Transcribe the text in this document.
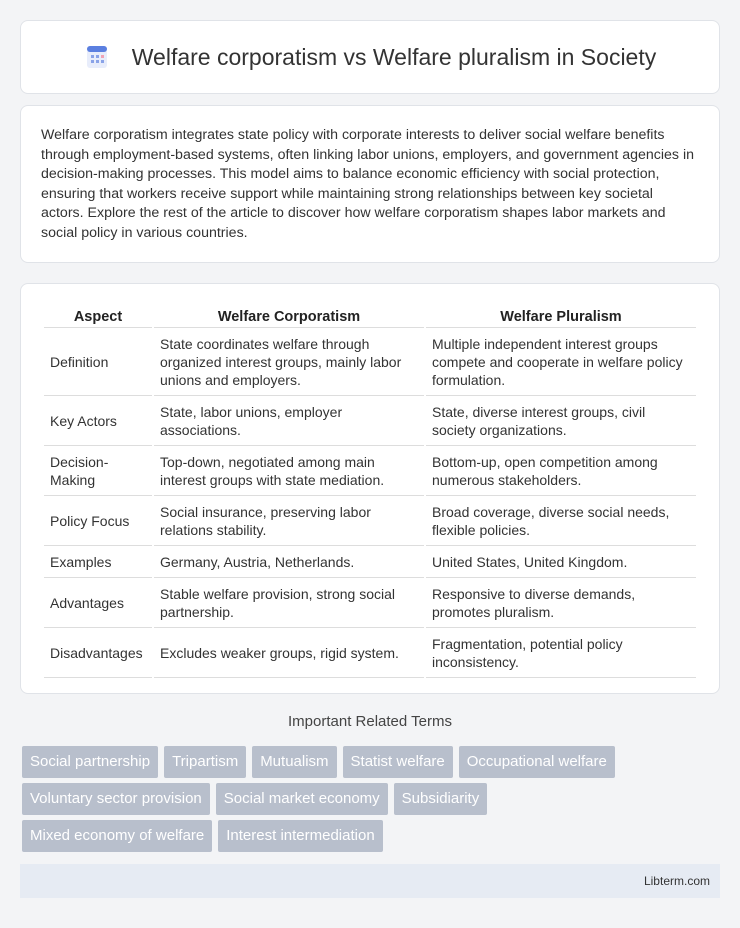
Welfare corporatism vs Welfare pluralism in Society

Welfare corporatism integrates state policy with corporate interests to deliver social welfare benefits through employment-based systems, often linking labor unions, employers, and government agencies in decision-making processes. This model aims to balance economic efficiency with social protection, ensuring that workers receive support while maintaining strong relationships between key societal actors. Explore the rest of the article to discover how welfare corporatism shapes labor markets and social policy in various countries.

Aspect	Welfare Corporatism	Welfare Pluralism
Definition	State coordinates welfare through organized interest groups, mainly labor unions and employers.	Multiple independent interest groups compete and cooperate in welfare policy formulation.
Key Actors	State, labor unions, employer associations.	State, diverse interest groups, civil society organizations.
Decision-Making	Top-down, negotiated among main interest groups with state mediation.	Bottom-up, open competition among numerous stakeholders.
Policy Focus	Social insurance, preserving labor relations stability.	Broad coverage, diverse social needs, flexible policies.
Examples	Germany, Austria, Netherlands.	United States, United Kingdom.
Advantages	Stable welfare provision, strong social partnership.	Responsive to diverse demands, promotes pluralism.
Disadvantages	Excludes weaker groups, rigid system.	Fragmentation, potential policy inconsistency.
Important Related Terms
Social partnership	Tripartism	Mutualism	Statist welfare	Occupational welfare
Voluntary sector provision	Social market economy	Subsidiarity
Mixed economy of welfare	Interest intermediation
Libterm.com
